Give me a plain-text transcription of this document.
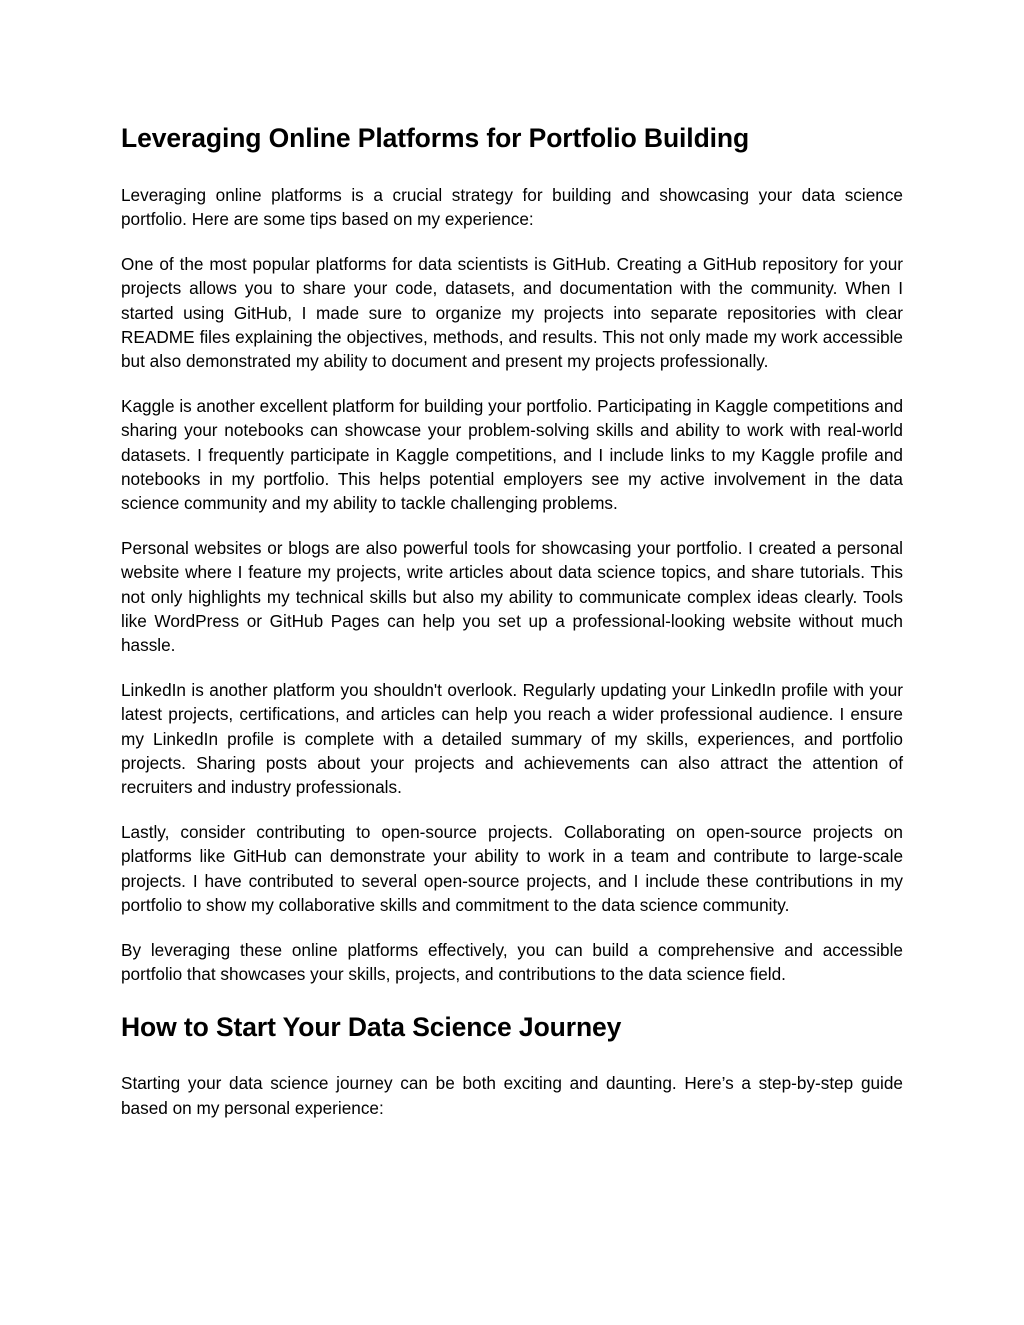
Leveraging Online Platforms for Portfolio Building

Leveraging online platforms is a crucial strategy for building and showcasing your data science portfolio. Here are some tips based on my experience:

One of the most popular platforms for data scientists is GitHub. Creating a GitHub repository for your projects allows you to share your code, datasets, and documentation with the community. When I started using GitHub, I made sure to organize my projects into separate repositories with clear README files explaining the objectives, methods, and results. This not only made my work accessible but also demonstrated my ability to document and present my projects professionally.

Kaggle is another excellent platform for building your portfolio. Participating in Kaggle competitions and sharing your notebooks can showcase your problem-solving skills and ability to work with real-world datasets. I frequently participate in Kaggle competitions, and I include links to my Kaggle profile and notebooks in my portfolio. This helps potential employers see my active involvement in the data science community and my ability to tackle challenging problems.

Personal websites or blogs are also powerful tools for showcasing your portfolio. I created a personal website where I feature my projects, write articles about data science topics, and share tutorials. This not only highlights my technical skills but also my ability to communicate complex ideas clearly. Tools like WordPress or GitHub Pages can help you set up a professional-looking website without much hassle.

LinkedIn is another platform you shouldn't overlook. Regularly updating your LinkedIn profile with your latest projects, certifications, and articles can help you reach a wider professional audience. I ensure my LinkedIn profile is complete with a detailed summary of my skills, experiences, and portfolio projects. Sharing posts about your projects and achievements can also attract the attention of recruiters and industry professionals.

Lastly, consider contributing to open-source projects. Collaborating on open-source projects on platforms like GitHub can demonstrate your ability to work in a team and contribute to large-scale projects. I have contributed to several open-source projects, and I include these contributions in my portfolio to show my collaborative skills and commitment to the data science community.

By leveraging these online platforms effectively, you can build a comprehensive and accessible portfolio that showcases your skills, projects, and contributions to the data science field.

How to Start Your Data Science Journey

Starting your data science journey can be both exciting and daunting. Here’s a step-by-step guide based on my personal experience:
